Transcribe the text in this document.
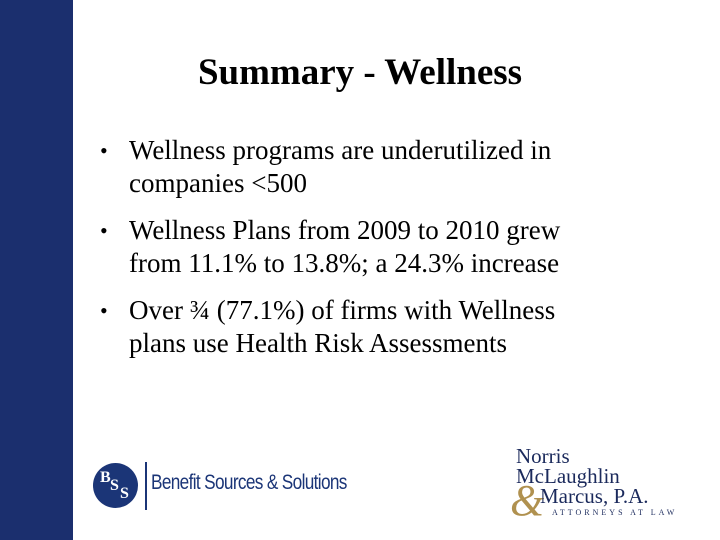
Summary - Wellness
• Wellness programs are underutilized in
companies <500
• Wellness Plans from 2009 to 2010 grew
from 11.1% to 13.8%; a 24.3% increase
• Over ¾ (77.1%) of firms with Wellness
plans use Health Risk Assessments
B S S Benefit Sources & Solutions
Norris
McLaughlin
&
Marcus, P.A.
ATTORNEYS AT LAW
